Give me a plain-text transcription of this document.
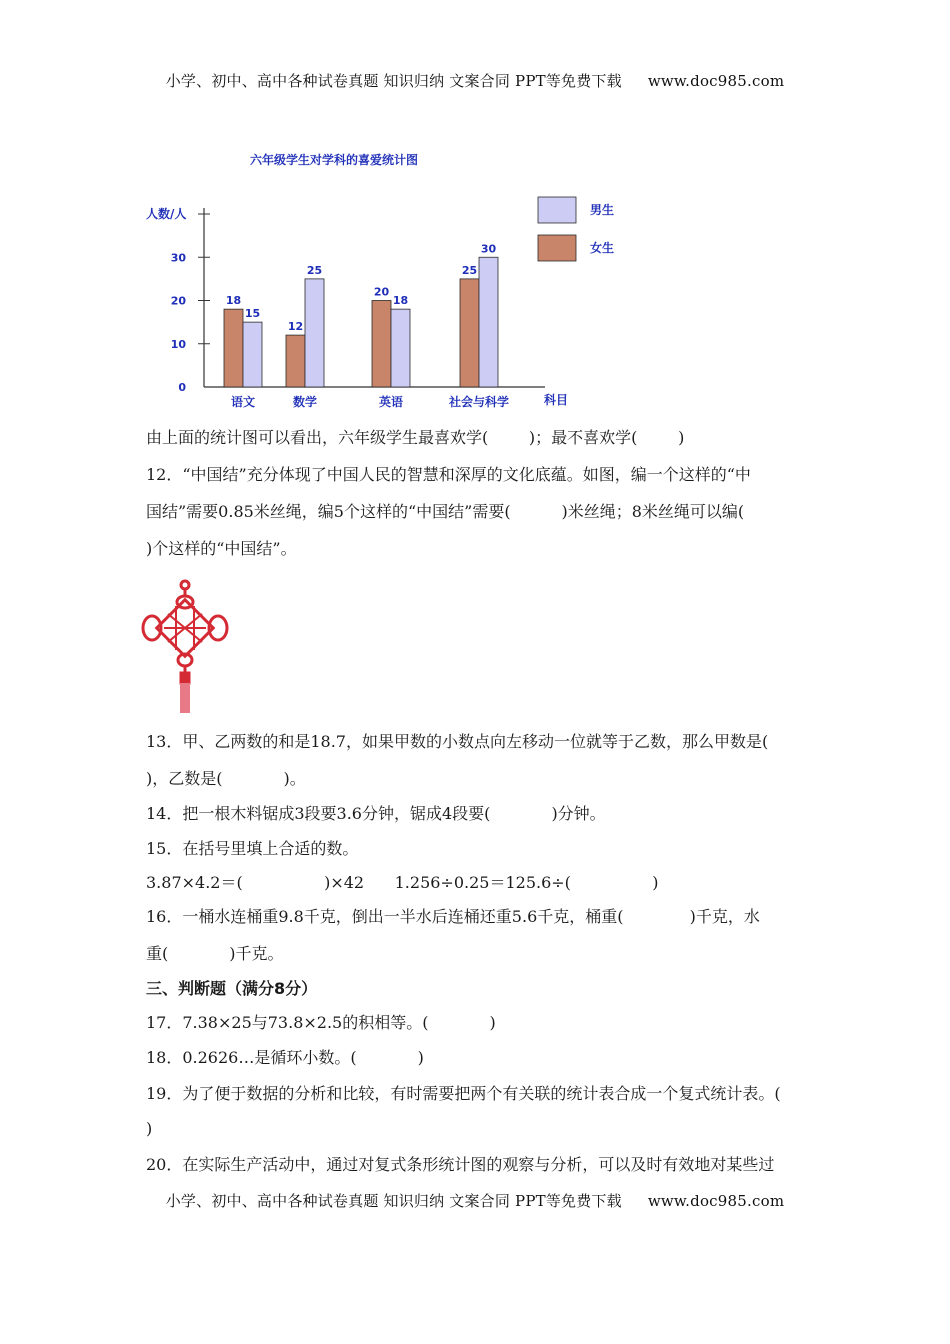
小学、初中、高中各种试卷真题 知识归纳 文案合同 PPT等免费下载 www.doc985.com
六年级学生对学科的喜爱统计图
人数/人
0
10
20
30
18
15
语文
12
25
数学
20
18
英语
25
30
社会与科学	科目
男生
女生
由上面的统计图可以看出，六年级学生最喜欢学(        )；最不喜欢学(        )
12．“中国结”充分体现了中国人民的智慧和深厚的文化底蕴。如图，编一个这样的“中
国结”需要0.85米丝绳，编5个这样的“中国结”需要(          )米丝绳；8米丝绳可以编(
)个这样的“中国结”。
13．甲、乙两数的和是18.7，如果甲数的小数点向左移动一位就等于乙数，那么甲数是(
)，乙数是(            )。
14．把一根木料锯成3段要3.6分钟，锯成4段要(            )分钟。
15．在括号里填上合适的数。
3.87×4.2＝(                )×42      1.256÷0.25＝125.6÷(                )
16．一桶水连桶重9.8千克，倒出一半水后连桶还重5.6千克，桶重(             )千克，水
重(            )千克。
三、判断题（满分8分）
17．7.38×25与73.8×2.5的积相等。(            )
18．0.2626…是循环小数。(            )
19．为了便于数据的分析和比较，有时需要把两个有关联的统计表合成一个复式统计表。(
)
20．在实际生产活动中，通过对复式条形统计图的观察与分析，可以及时有效地对某些过
小学、初中、高中各种试卷真题 知识归纳 文案合同 PPT等免费下载 www.doc985.com
